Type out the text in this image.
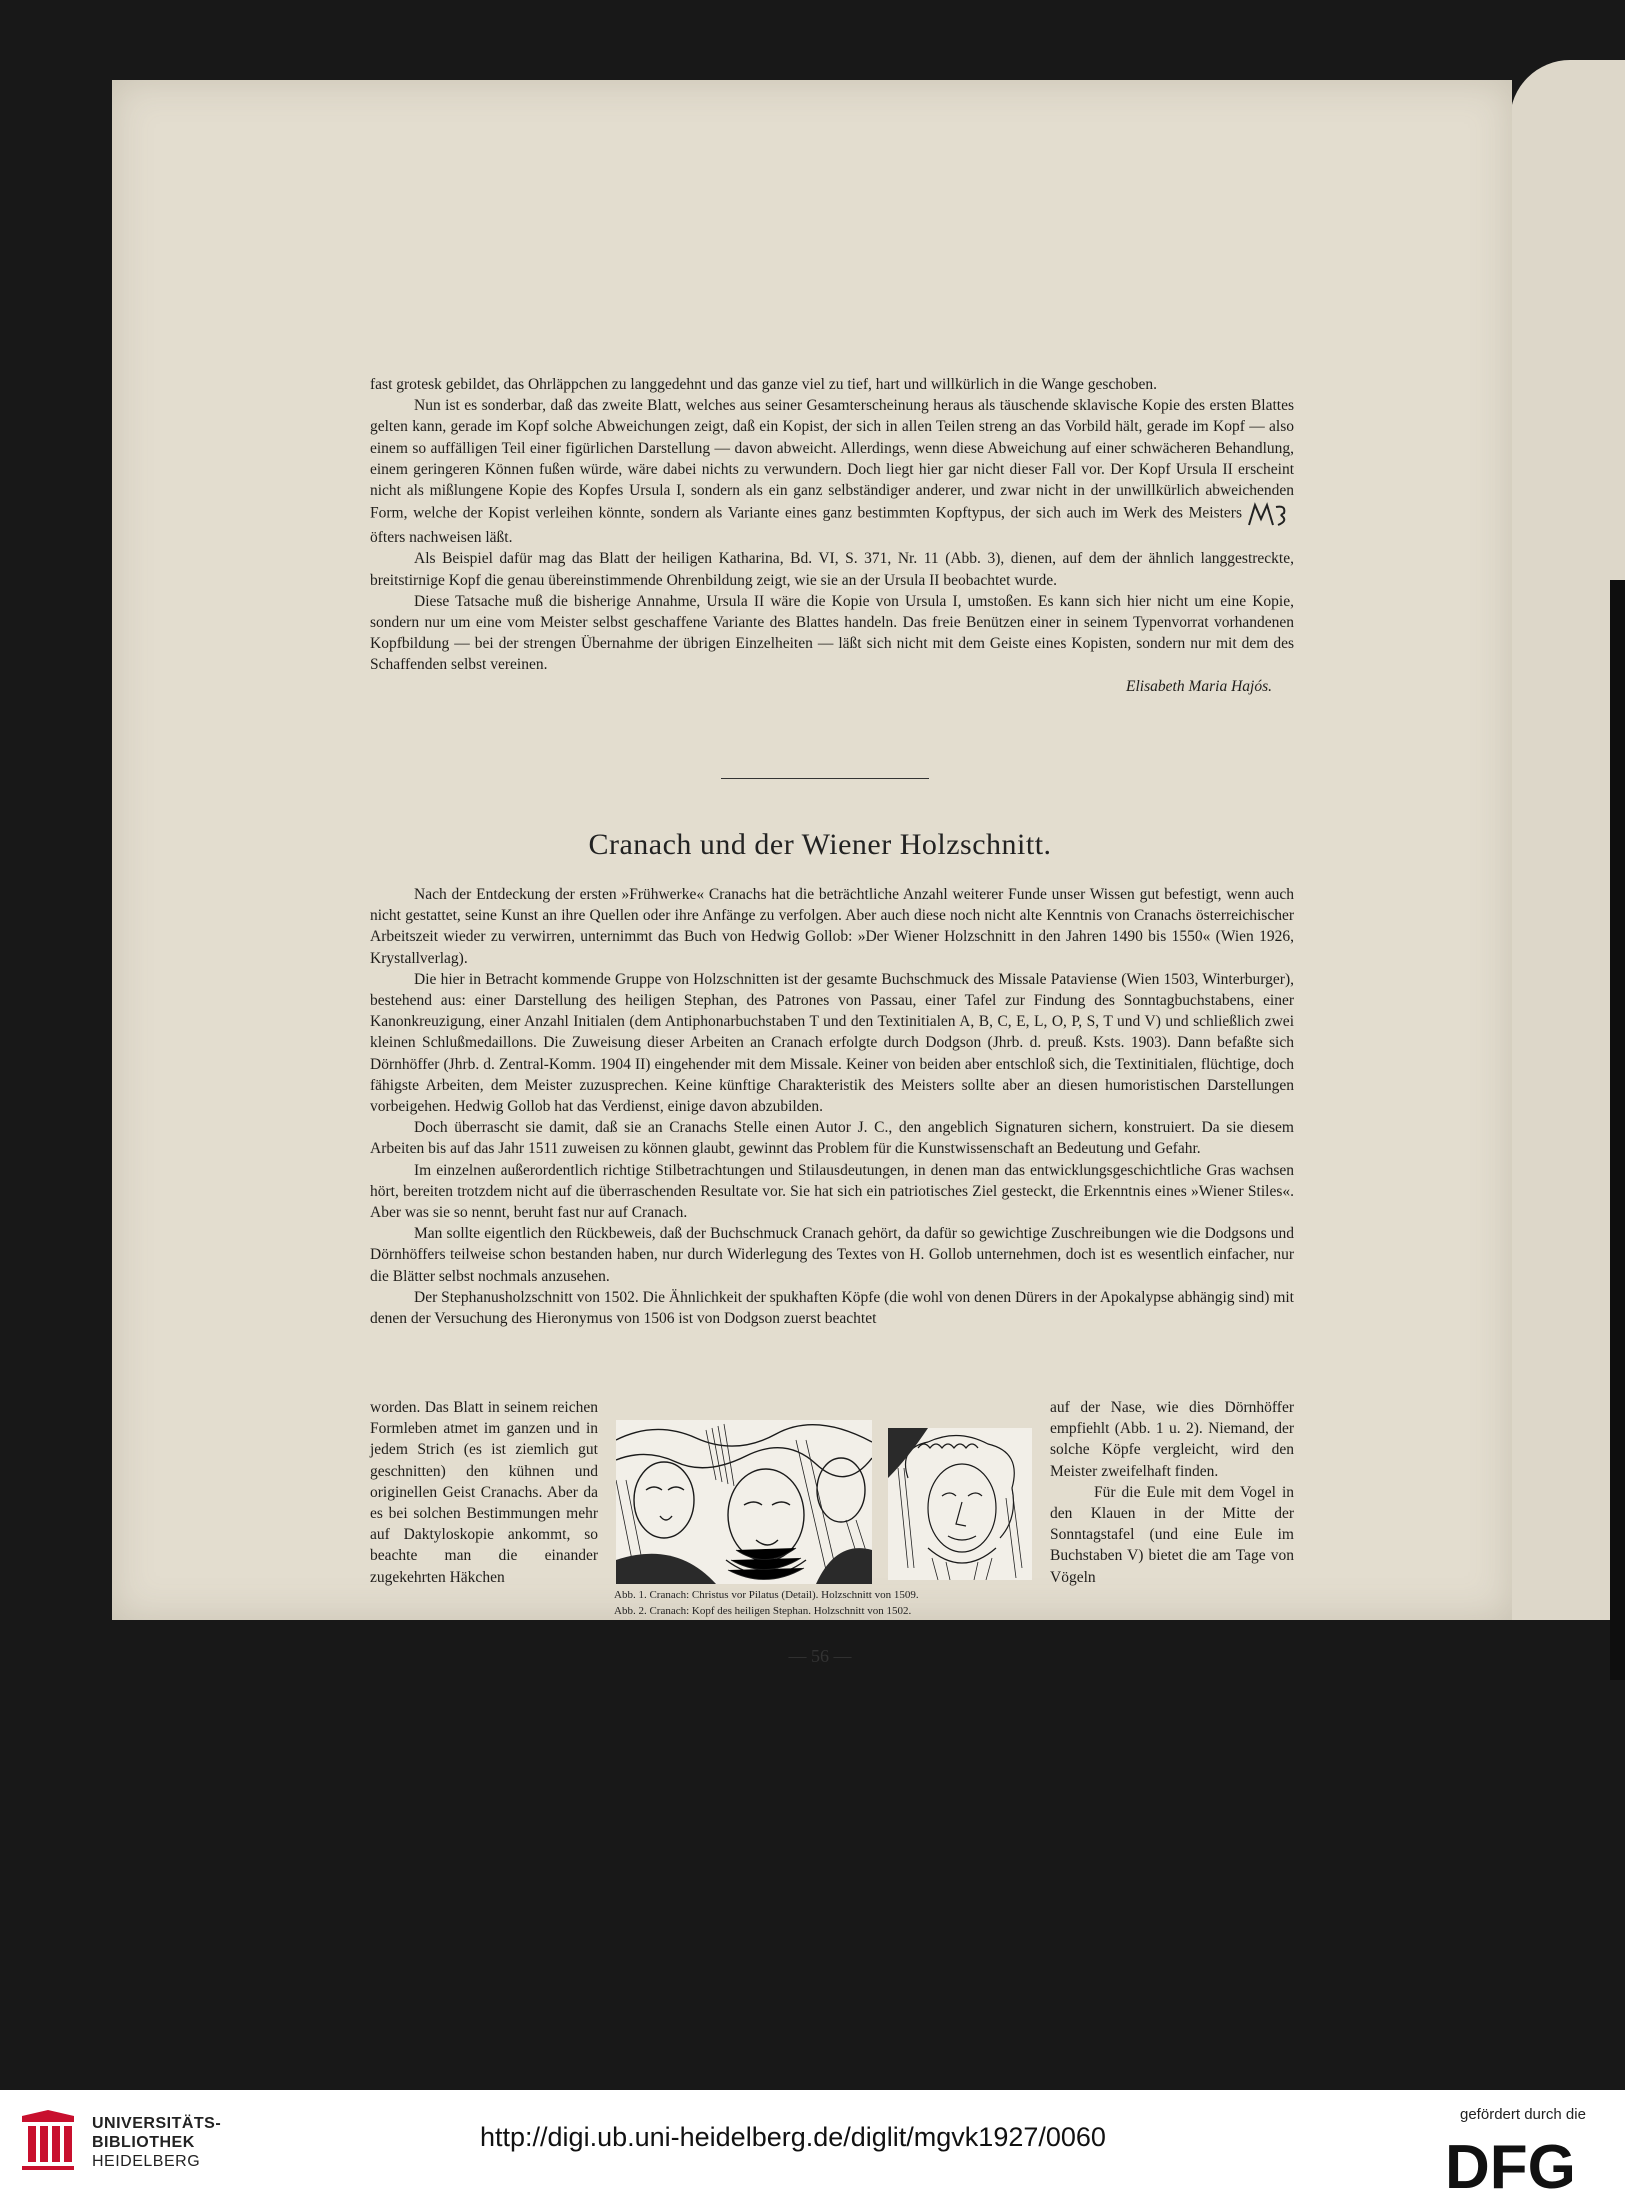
fast grotesk gebildet, das Ohrläppchen zu langgedehnt und das ganze viel zu tief, hart und willkürlich in die Wange geschoben.

Nun ist es sonderbar, daß das zweite Blatt, welches aus seiner Gesamterscheinung heraus als täuschende sklavische Kopie des ersten Blattes gelten kann, gerade im Kopf solche Abweichungen zeigt, daß ein Kopist, der sich in allen Teilen streng an das Vorbild hält, gerade im Kopf — also einem so auffälligen Teil einer figürlichen Darstellung — davon abweicht. Allerdings, wenn diese Abweichung auf einer schwächeren Behandlung, einem geringeren Können fußen würde, wäre dabei nichts zu verwundern. Doch liegt hier gar nicht dieser Fall vor. Der Kopf Ursula II erscheint nicht als mißlungene Kopie des Kopfes Ursula I, sondern als ein ganz selbständiger anderer, und zwar nicht in der unwillkürlich abweichenden Form, welche der Kopist verleihen könnte, sondern als Variante eines ganz bestimmten Kopftypus, der sich auch im Werk des Meistersöfters nachweisen läßt.

Als Beispiel dafür mag das Blatt der heiligen Katharina, Bd. VI, S. 371, Nr. 11 (Abb. 3), dienen, auf dem der ähnlich langgestreckte, breitstirnige Kopf die genau übereinstimmende Ohrenbildung zeigt, wie sie an der Ursula II beobachtet wurde.

Diese Tatsache muß die bisherige Annahme, Ursula II wäre die Kopie von Ursula I, umstoßen. Es kann sich hier nicht um eine Kopie, sondern nur um eine vom Meister selbst geschaffene Variante des Blattes handeln. Das freie Benützen einer in seinem Typenvorrat vorhandenen Kopfbildung — bei der strengen Übernahme der übrigen Einzelheiten — läßt sich nicht mit dem Geiste eines Kopisten, sondern nur mit dem des Schaffenden selbst vereinen.

Elisabeth Maria Hajós.
Cranach und der Wiener Holzschnitt.

Nach der Entdeckung der ersten »Frühwerke« Cranachs hat die beträchtliche Anzahl weiterer Funde unser Wissen gut befestigt, wenn auch nicht gestattet, seine Kunst an ihre Quellen oder ihre Anfänge zu verfolgen. Aber auch diese noch nicht alte Kenntnis von Cranachs österreichischer Arbeitszeit wieder zu verwirren, unternimmt das Buch von Hedwig Gollob: »Der Wiener Holzschnitt in den Jahren 1490 bis 1550« (Wien 1926, Krystallverlag).

Die hier in Betracht kommende Gruppe von Holzschnitten ist der gesamte Buchschmuck des Missale Pataviense (Wien 1503, Winterburger), bestehend aus: einer Darstellung des heiligen Stephan, des Patrones von Passau, einer Tafel zur Findung des Sonntagbuchstabens, einer Kanonkreuzigung, einer Anzahl Initialen (dem Antiphonarbuchstaben T und den Textinitialen A, B, C, E, L, O, P, S, T und V) und schließlich zwei kleinen Schlußmedaillons. Die Zuweisung dieser Arbeiten an Cranach erfolgte durch Dodgson (Jhrb. d. preuß. Ksts. 1903). Dann befaßte sich Dörnhöffer (Jhrb. d. Zentral-Komm. 1904 II) eingehender mit dem Missale. Keiner von beiden aber entschloß sich, die Textinitialen, flüchtige, doch fähigste Arbeiten, dem Meister zuzusprechen. Keine künftige Charakteristik des Meisters sollte aber an diesen humoristischen Darstellungen vorbeigehen. Hedwig Gollob hat das Verdienst, einige davon abzubilden.

Doch überrascht sie damit, daß sie an Cranachs Stelle einen Autor J. C., den angeblich Signaturen sichern, konstruiert. Da sie diesem Arbeiten bis auf das Jahr 1511 zuweisen zu können glaubt, gewinnt das Problem für die Kunstwissenschaft an Bedeutung und Gefahr.

Im einzelnen außerordentlich richtige Stilbetrachtungen und Stilausdeutungen, in denen man das entwicklungsgeschichtliche Gras wachsen hört, bereiten trotzdem nicht auf die überraschenden Resultate vor. Sie hat sich ein patriotisches Ziel gesteckt, die Erkenntnis eines »Wiener Stiles«. Aber was sie so nennt, beruht fast nur auf Cranach.

Man sollte eigentlich den Rückbeweis, daß der Buchschmuck Cranach gehört, da dafür so gewichtige Zuschreibungen wie die Dodgsons und Dörnhöffers teilweise schon bestanden haben, nur durch Widerlegung des Textes von H. Gollob unternehmen, doch ist es wesentlich einfacher, nur die Blätter selbst nochmals anzusehen.

Der Stephanusholzschnitt von 1502. Die Ähnlichkeit der spukhaften Köpfe (die wohl von denen Dürers in der Apokalypse abhängig sind) mit denen der Versuchung des Hieronymus von 1506 ist von Dodgson zuerst beachtet

worden. Das Blatt in seinem reichen Formleben atmet im ganzen und in jedem Strich (es ist ziemlich gut geschnitten) den kühnen und originellen Geist Cranachs. Aber da es bei solchen Bestimmungen mehr auf Daktyloskopie ankommt, so beachte man die einander zugekehrten Häkchen

Abb. 1. Cranach: Christus vor Pilatus (Detail). Holzschnitt von 1509.
Abb. 2. Cranach: Kopf des heiligen Stephan. Holzschnitt von 1502.

auf der Nase, wie dies Dörnhöffer empfiehlt (Abb. 1 u. 2). Niemand, der solche Köpfe vergleicht, wird den Meister zweifelhaft finden.

Für die Eule mit dem Vogel in den Klauen in der Mitte der Sonntagstafel (und eine Eule im Buchstaben V) bietet die am Tage von Vögeln

— 56 —
UNIVERSITÄTS-
BIBLIOTHEK
HEIDELBERG
http://digi.ub.uni-heidelberg.de/diglit/mgvk1927/0060
gefördert durch die
DFG
